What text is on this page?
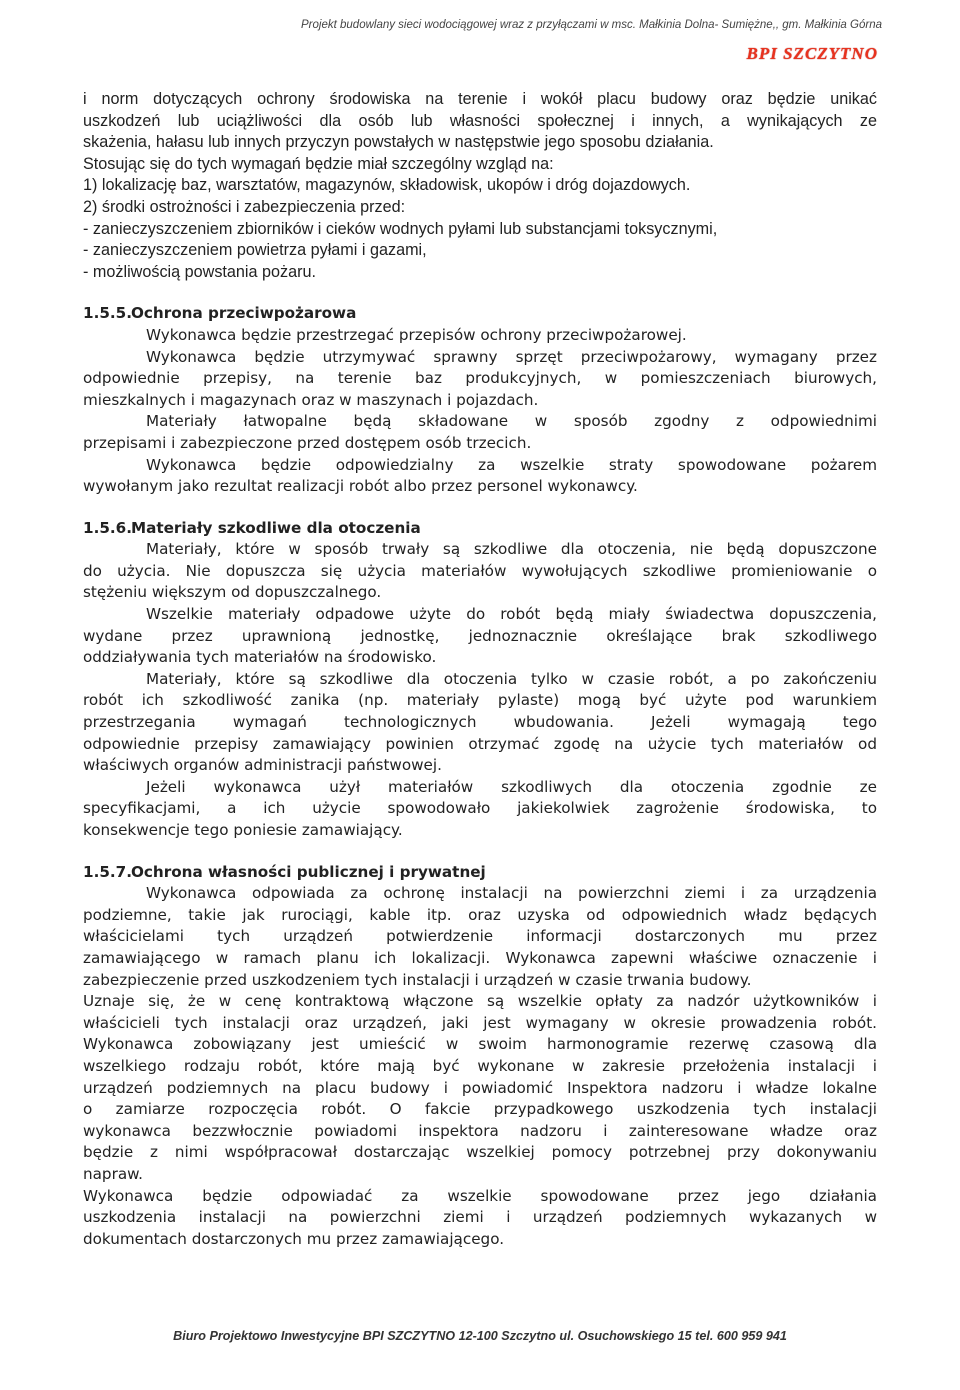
Projekt budowlany sieci wodociągowej wraz z przyłączami w msc. Małkinia Dolna- Sumiężne,, gm. Małkinia Górna
BPI SZCZYTNO

i norm dotyczących ochrony środowiska na terenie i wokół placu budowy oraz będzie unikać

uszkodzeń lub uciążliwości dla osób lub własności społecznej i innych, a wynikających ze

skażenia, hałasu lub innych przyczyn powstałych w następstwie jego sposobu działania.

Stosując się do tych wymagań będzie miał szczególny wzgląd na:

1) lokalizację baz, warsztatów, magazynów, składowisk, ukopów i dróg dojazdowych.

2) środki ostrożności i zabezpieczenia przed:

- zanieczyszczeniem zbiorników i cieków wodnych pyłami lub substancjami toksycznymi,

- zanieczyszczeniem powietrza pyłami i gazami,

- możliwością powstania pożaru.

1.5.5.Ochrona przeciwpożarowa

Wykonawca będzie przestrzegać przepisów ochrony przeciwpożarowej.

Wykonawca będzie utrzymywać sprawny sprzęt przeciwpożarowy, wymagany przez

odpowiednie przepisy, na terenie baz produkcyjnych, w pomieszczeniach biurowych,

mieszkalnych i magazynach oraz w maszynach i pojazdach.

Materiały łatwopalne będą składowane w sposób zgodny z odpowiednimi

przepisami i zabezpieczone przed dostępem osób trzecich.

Wykonawca będzie odpowiedzialny za wszelkie straty spowodowane pożarem

wywołanym jako rezultat realizacji robót albo przez personel wykonawcy.

1.5.6.Materiały szkodliwe dla otoczenia

Materiały, które w sposób trwały są szkodliwe dla otoczenia, nie będą dopuszczone

do użycia. Nie dopuszcza się użycia materiałów wywołujących szkodliwe promieniowanie o

stężeniu większym od dopuszczalnego.

Wszelkie materiały odpadowe użyte do robót będą miały świadectwa dopuszczenia,

wydane przez uprawnioną jednostkę, jednoznacznie określające brak szkodliwego

oddziaływania tych materiałów na środowisko.

Materiały, które są szkodliwe dla otoczenia tylko w czasie robót, a po zakończeniu

robót ich szkodliwość zanika (np. materiały pylaste) mogą być użyte pod warunkiem

przestrzegania wymagań technologicznych wbudowania. Jeżeli wymagają tego

odpowiednie przepisy zamawiający powinien otrzymać zgodę na użycie tych materiałów od

właściwych organów administracji państwowej.

Jeżeli wykonawca użył materiałów szkodliwych dla otoczenia zgodnie ze

specyfikacjami, a ich użycie spowodowało jakiekolwiek zagrożenie środowiska, to

konsekwencje tego poniesie zamawiający.

1.5.7.Ochrona własności publicznej i prywatnej

Wykonawca odpowiada za ochronę instalacji na powierzchni ziemi i za urządzenia

podziemne, takie jak rurociągi, kable itp. oraz uzyska od odpowiednich władz będących

właścicielami tych urządzeń potwierdzenie informacji dostarczonych mu przez

zamawiającego w ramach planu ich lokalizacji. Wykonawca zapewni właściwe oznaczenie i

zabezpieczenie przed uszkodzeniem tych instalacji i urządzeń w czasie trwania budowy.

Uznaje się, że w cenę kontraktową włączone są wszelkie opłaty za nadzór użytkowników i

właścicieli tych instalacji oraz urządzeń, jaki jest wymagany w okresie prowadzenia robót.

Wykonawca zobowiązany jest umieścić w swoim harmonogramie rezerwę czasową dla

wszelkiego rodzaju robót, które mają być wykonane w zakresie przełożenia instalacji i

urządzeń podziemnych na placu budowy i powiadomić Inspektora nadzoru i władze lokalne

o zamiarze rozpoczęcia robót. O fakcie przypadkowego uszkodzenia tych instalacji

wykonawca bezzwłocznie powiadomi inspektora nadzoru i zainteresowane władze oraz

będzie z nimi współpracował dostarczając wszelkiej pomocy potrzebnej przy dokonywaniu

napraw.

Wykonawca będzie odpowiadać za wszelkie spowodowane przez jego działania

uszkodzenia instalacji na powierzchni ziemi i urządzeń podziemnych wykazanych w

dokumentach dostarczonych mu przez zamawiającego.

Biuro Projektowo Inwestycyjne BPI SZCZYTNO 12-100 Szczytno ul. Osuchowskiego 15 tel. 600 959 941
